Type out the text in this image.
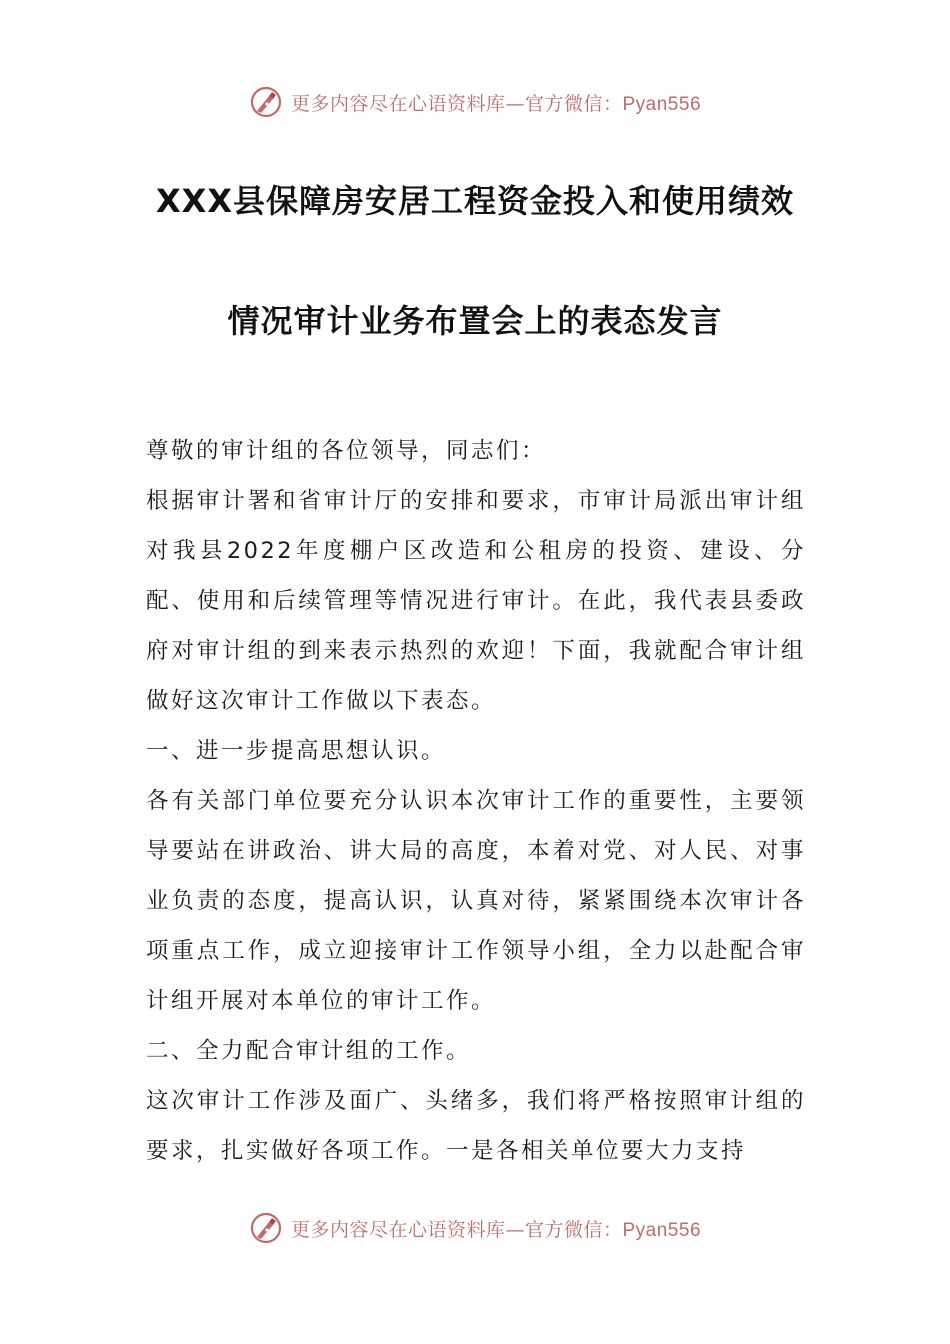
更多内容尽在心语资料库—官方微信：Pyan556
XXX县保障房安居工程资金投入和使用绩效
情况审计业务布置会上的表态发言

尊敬的审计组的各位领导，同志们：

根据审计署和省审计厅的安排和要求，市审计局派出审计组对我县2022年度棚户区改造和公租房的投资、建设、分配、使用和后续管理等情况进行审计。在此，我代表县委政府对审计组的到来表示热烈的欢迎！下面，我就配合审计组做好这次审计工作做以下表态。

一、进一步提高思想认识。

各有关部门单位要充分认识本次审计工作的重要性，主要领导要站在讲政治、讲大局的高度，本着对党、对人民、对事业负责的态度，提高认识，认真对待，紧紧围绕本次审计各项重点工作，成立迎接审计工作领导小组，全力以赴配合审计组开展对本单位的审计工作。

二、全力配合审计组的工作。

这次审计工作涉及面广、头绪多，我们将严格按照审计组的要求，扎实做好各项工作。一是各相关单位要大力支持

更多内容尽在心语资料库—官方微信：Pyan556
